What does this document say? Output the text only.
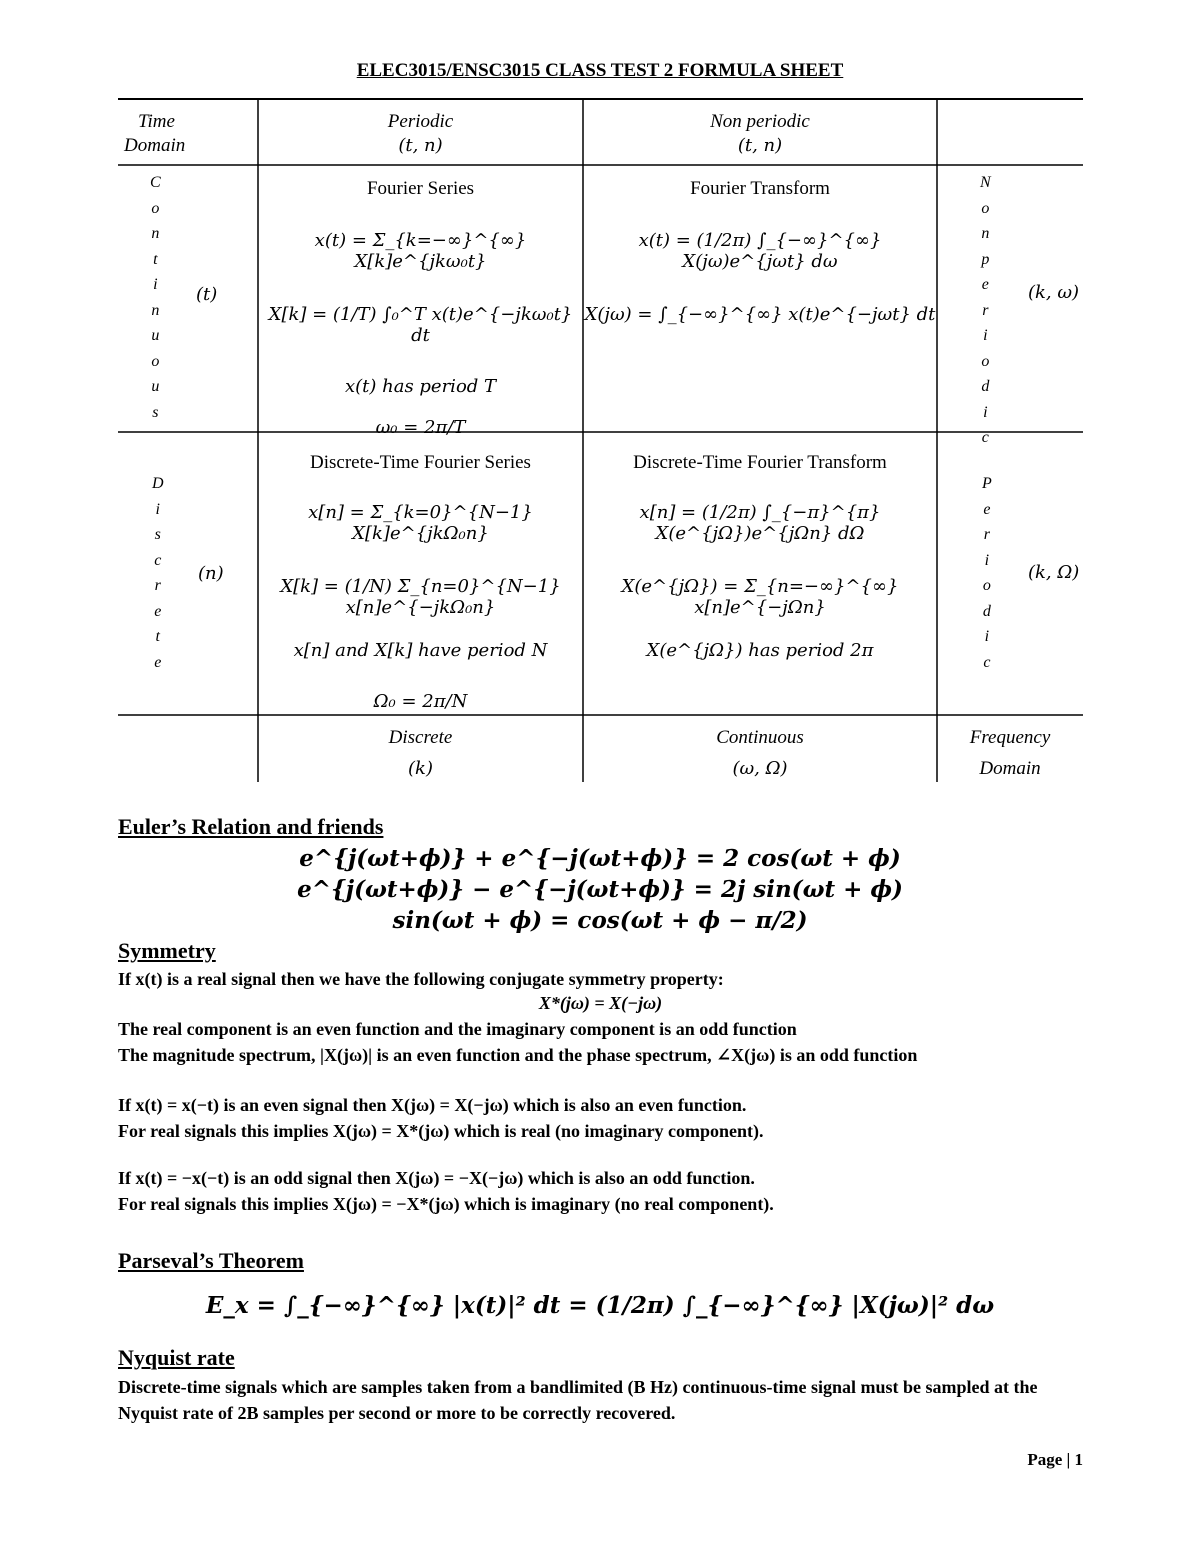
ELEC3015/ENSC3015 CLASS TEST 2 FORMULA SHEET
Time
Domain
Periodic
(t, n)
Non periodic
(t, n)
C
o
n
t
i
n
u
o
u
s
(t)
N
o
n
p
e
r
i
o
d
i
c
(k, ω)
Fourier Series
x(t) = Σ_{k=−∞}^{∞} X[k]e^{jkω₀t}
X[k] = (1/T) ∫₀^T x(t)e^{−jkω₀t} dt
x(t) has period T
ω₀ = 2π/T
Fourier Transform
x(t) = (1/2π) ∫_{−∞}^{∞} X(jω)e^{jωt} dω
X(jω) = ∫_{−∞}^{∞} x(t)e^{−jωt} dt
D
i
s
c
r
e
t
e
(n)
P
e
r
i
o
d
i
c
(k, Ω)
Discrete-Time Fourier Series
x[n] = Σ_{k=0}^{N−1} X[k]e^{jkΩ₀n}
X[k] = (1/N) Σ_{n=0}^{N−1} x[n]e^{−jkΩ₀n}
x[n] and X[k] have period N
Ω₀ = 2π/N
Discrete-Time Fourier Transform
x[n] = (1/2π) ∫_{−π}^{π} X(e^{jΩ})e^{jΩn} dΩ
X(e^{jΩ}) = Σ_{n=−∞}^{∞} x[n]e^{−jΩn}
X(e^{jΩ}) has period 2π
Discrete
(k)
Continuous
(ω, Ω)
Frequency
Domain
Euler’s Relation and friends
e^{j(ωt+ϕ)} + e^{−j(ωt+ϕ)} = 2 cos(ωt + ϕ)
e^{j(ωt+ϕ)} − e^{−j(ωt+ϕ)} = 2j sin(ωt + ϕ)
sin(ωt + ϕ) = cos(ωt + ϕ − π/2)
Symmetry
If x(t) is a real signal then we have the following conjugate symmetry property:
X*(jω) = X(−jω)
The real component is an even function and the imaginary component is an odd function
The magnitude spectrum, |X(jω)| is an even function and the phase spectrum, ∠X(jω) is an odd function
If x(t) = x(−t) is an even signal then X(jω) = X(−jω) which is also an even function.
For real signals this implies X(jω) = X*(jω) which is real (no imaginary component).
If x(t) = −x(−t) is an odd signal then X(jω) = −X(−jω) which is also an odd function.
For real signals this implies X(jω) = −X*(jω) which is imaginary (no real component).
Parseval’s Theorem
E_x = ∫_{−∞}^{∞} |x(t)|² dt = (1/2π) ∫_{−∞}^{∞} |X(jω)|² dω
Nyquist rate
Discrete-time signals which are samples taken from a bandlimited (B Hz) continuous-time signal must be sampled at the Nyquist rate of 2B samples per second or more to be correctly recovered.
Page | 1
